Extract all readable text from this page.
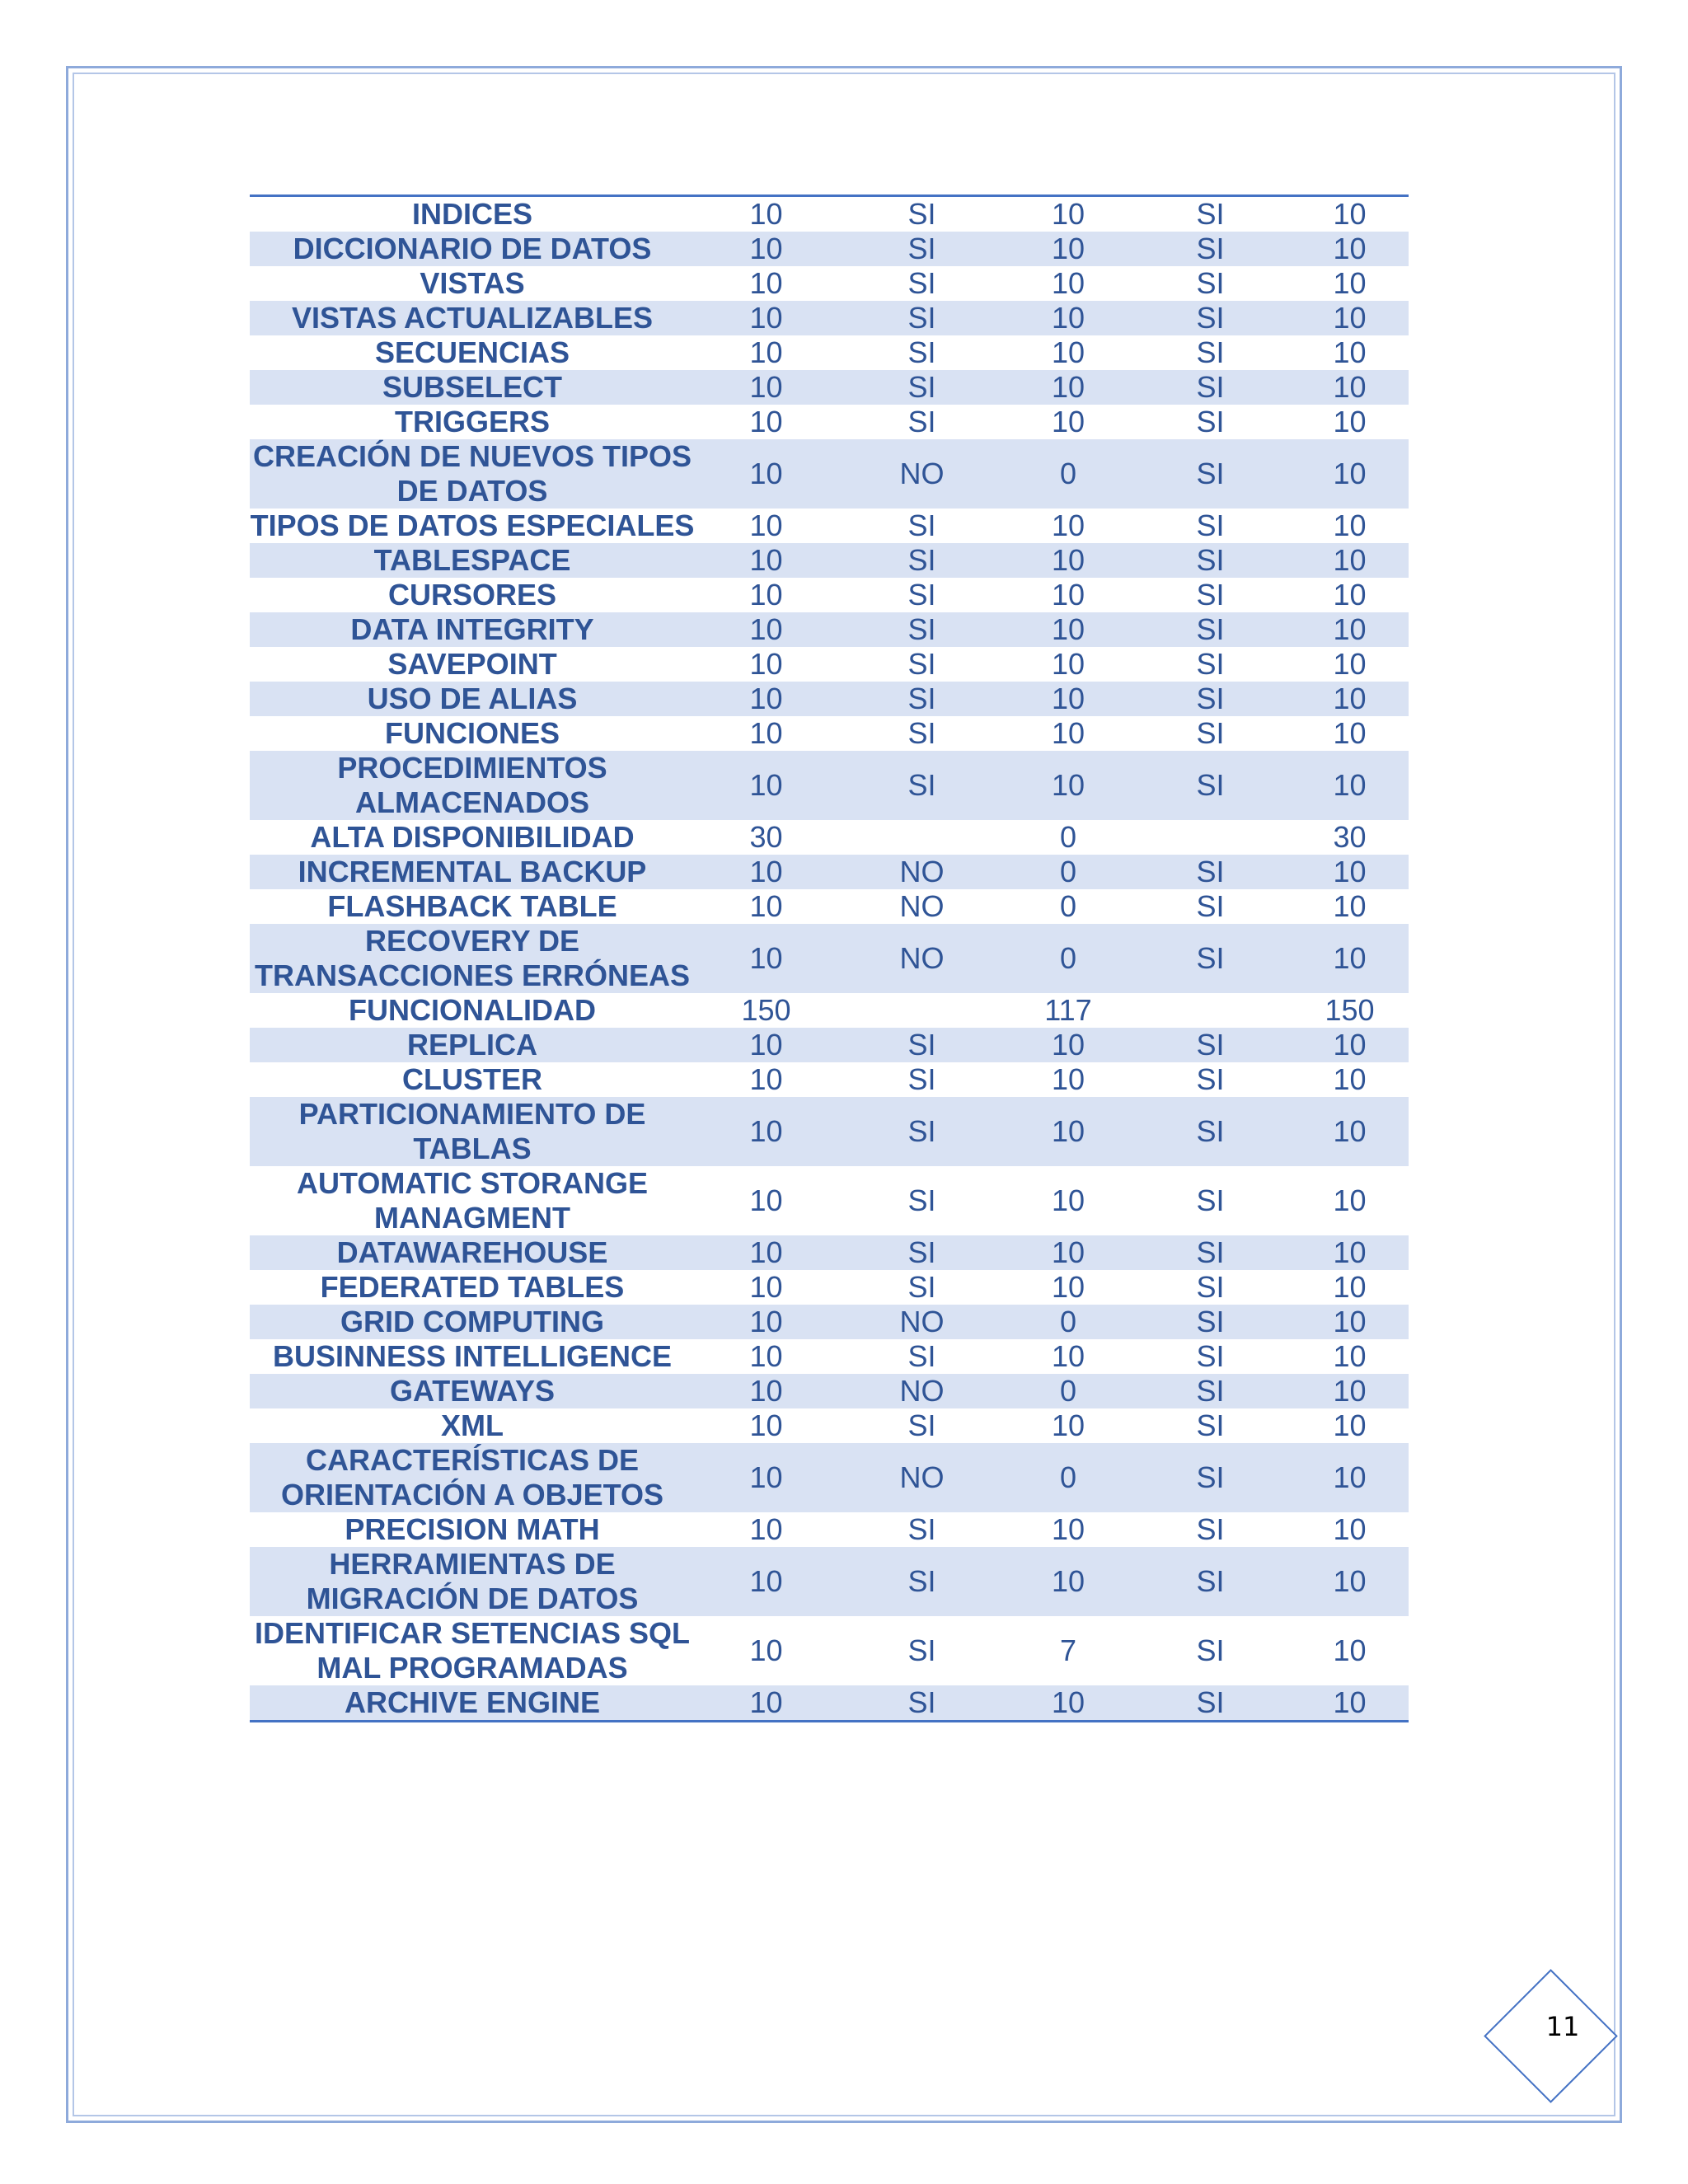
INDICES	10	SI	10	SI	10
DICCIONARIO DE DATOS	10	SI	10	SI	10
VISTAS	10	SI	10	SI	10
VISTAS ACTUALIZABLES	10	SI	10	SI	10
SECUENCIAS	10	SI	10	SI	10
SUBSELECT	10	SI	10	SI	10
TRIGGERS	10	SI	10	SI	10
CREACIÓN DE NUEVOS TIPOS DE DATOS	10	NO	0	SI	10
TIPOS DE DATOS ESPECIALES	10	SI	10	SI	10
TABLESPACE	10	SI	10	SI	10
CURSORES	10	SI	10	SI	10
DATA INTEGRITY	10	SI	10	SI	10
SAVEPOINT	10	SI	10	SI	10
USO DE ALIAS	10	SI	10	SI	10
FUNCIONES	10	SI	10	SI	10
PROCEDIMIENTOS ALMACENADOS	10	SI	10	SI	10
ALTA DISPONIBILIDAD	30		0		30
INCREMENTAL BACKUP	10	NO	0	SI	10
FLASHBACK TABLE	10	NO	0	SI	10
RECOVERY DE TRANSACCIONES ERRÓNEAS	10	NO	0	SI	10
FUNCIONALIDAD	150		117		150
REPLICA	10	SI	10	SI	10
CLUSTER	10	SI	10	SI	10
PARTICIONAMIENTO DE TABLAS	10	SI	10	SI	10
AUTOMATIC STORANGE MANAGMENT	10	SI	10	SI	10
DATAWAREHOUSE	10	SI	10	SI	10
FEDERATED TABLES	10	SI	10	SI	10
GRID COMPUTING	10	NO	0	SI	10
BUSINNESS INTELLIGENCE	10	SI	10	SI	10
GATEWAYS	10	NO	0	SI	10
XML	10	SI	10	SI	10
CARACTERÍSTICAS DE ORIENTACIÓN A OBJETOS	10	NO	0	SI	10
PRECISION MATH	10	SI	10	SI	10
HERRAMIENTAS DE MIGRACIÓN DE DATOS	10	SI	10	SI	10
IDENTIFICAR SETENCIAS SQL MAL PROGRAMADAS	10	SI	7	SI	10
ARCHIVE ENGINE	10	SI	10	SI	10
11
